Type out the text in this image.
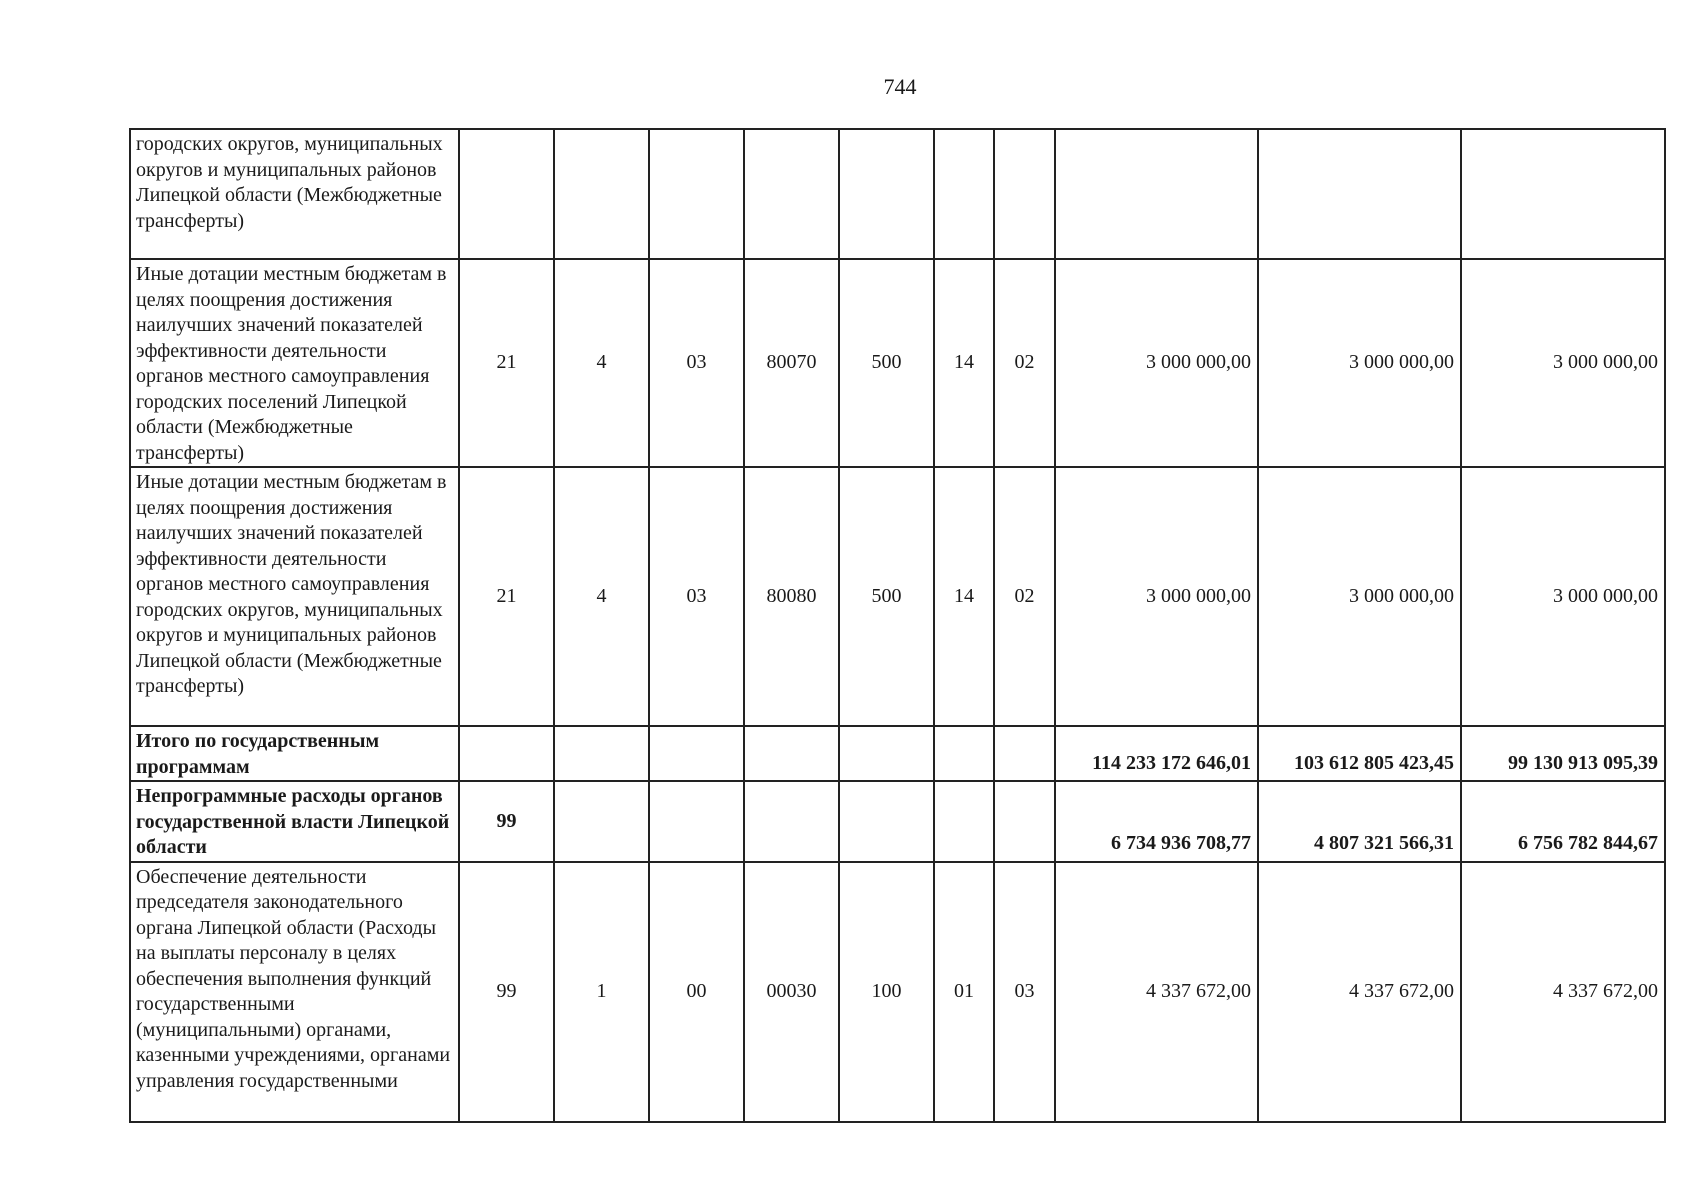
744
городских округов, муниципальных округов и муниципальных районов Липецкой области (Межбюджетные трансферты)										
Иные дотации местным бюджетам в целях поощрения достижения наилучших значений показателей эффективности деятельности органов местного самоуправления городских поселений Липецкой области (Межбюджетные трансферты)	21	4	03	80070	500	14	02	3 000 000,00	3 000 000,00	3 000 000,00
Иные дотации местным бюджетам в целях поощрения достижения наилучших значений показателей эффективности деятельности органов местного самоуправления городских округов, муниципальных округов и муниципальных районов Липецкой области (Межбюджетные трансферты)	21	4	03	80080	500	14	02	3 000 000,00	3 000 000,00	3 000 000,00
Итого по государственным программам								114 233 172 646,01	103 612 805 423,45	99 130 913 095,39
Непрограммные расходы органов государственной власти Липецкой области	99							6 734 936 708,77	4 807 321 566,31	6 756 782 844,67
Обеспечение деятельности председателя законодательного органа Липецкой области (Расходы на выплаты персоналу в целях обеспечения выполнения функций государственными (муниципальными) органами, казенными учреждениями, органами управления государственными	99	1	00	00030	100	01	03	4 337 672,00	4 337 672,00	4 337 672,00
